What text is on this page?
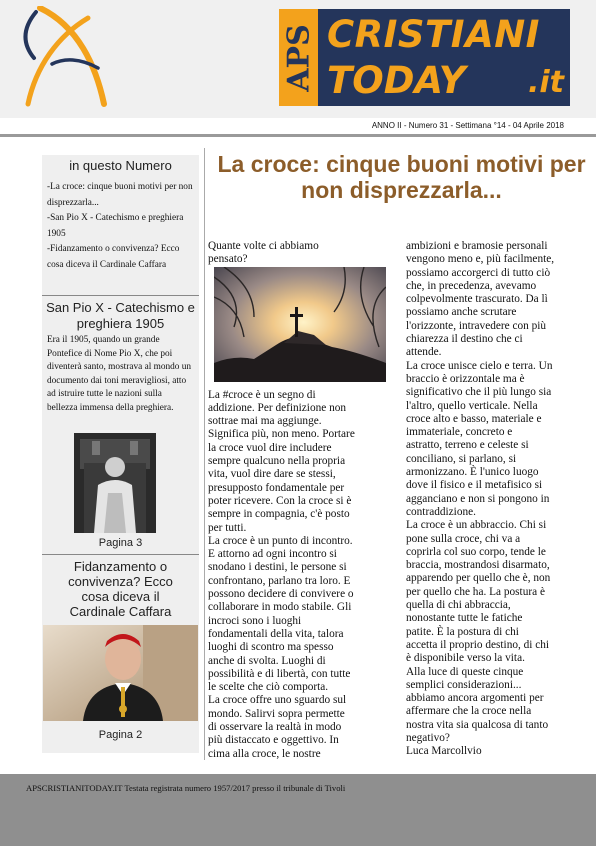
APS CRISTIANI
TODAY .it
ANNO II - Numero 31 - Settimana °14 - 04 Aprile 2018
in questo Numero
-La croce: cinque buoni motivi per non disprezzarla...
-San Pio X - Catechismo e preghiera 1905
-Fidanzamento o convivenza? Ecco cosa diceva il Cardinale Caffara
San Pio X - Catechismo e preghiera 1905
Era il 1905, quando un grande Pontefice di Nome Pio X, che poi diventerà santo, mostrava al mondo un documento dai toni meravigliosi, atto ad istruire tutte le nazioni sulla bellezza immensa della preghiera.
Pagina 3
Fidanzamento o convivenza? Ecco cosa diceva il Cardinale Caffara
Pagina 2
La croce: cinque buoni motivi per non disprezzarla...

Quante volte ci abbiamo
pensato?

La #croce è un segno di
addizione. Per definizione non
sottrae mai ma aggiunge.
Significa più, non meno. Portare
la croce vuol dire includere
sempre qualcuno nella propria
vita, vuol dire dare se stessi,
presupposto fondamentale per
poter ricevere. Con la croce si è
sempre in compagnia, c'è posto
per tutti.
La croce è un punto di incontro.
E attorno ad ogni incontro si
snodano i destini, le persone si
confrontano, parlano tra loro. E
possono decidere di convivere o
collaborare in modo stabile. Gli
incroci sono i luoghi
fondamentali della vita, talora
luoghi di scontro ma spesso
anche di svolta. Luoghi di
possibilità e di libertà, con tutte
le scelte che ciò comporta.
La croce offre uno sguardo sul
mondo. Salirvi sopra permette
di osservare la realtà in modo
più distaccato e oggettivo. In
cima alla croce, le nostre

ambizioni e bramosie personali
vengono meno e, più facilmente,
possiamo accorgerci di tutto ciò
che, in precedenza, avevamo
colpevolmente trascurato. Da lì
possiamo anche scrutare
l'orizzonte, intravedere con più
chiarezza il destino che ci
attende.
La croce unisce cielo e terra. Un
braccio è orizzontale ma è
significativo che il più lungo sia
l'altro, quello verticale. Nella
croce alto e basso, materiale e
immateriale, concreto e
astratto, terreno e celeste si
conciliano, si parlano, si
armonizzano. È l'unico luogo
dove il fisico e il metafisico si
agganciano e non si pongono in
contraddizione.
La croce è un abbraccio. Chi si
pone sulla croce, chi va a
coprirla col suo corpo, tende le
braccia, mostrandosi disarmato,
apparendo per quello che è, non
per quello che ha. La postura è
quella di chi abbraccia,
nonostante tutte le fatiche
patite. È la postura di chi
accetta il proprio destino, di chi
è disponibile verso la vita.
Alla luce di queste cinque
semplici considerazioni...
abbiamo ancora argomenti per
affermare che la croce nella
nostra vita sia qualcosa di tanto
negativo?

Luca Marcollvio

APSCRISTIANITODAY.IT Testata registrata numero 1957/2017 presso il tribunale di Tivoli
